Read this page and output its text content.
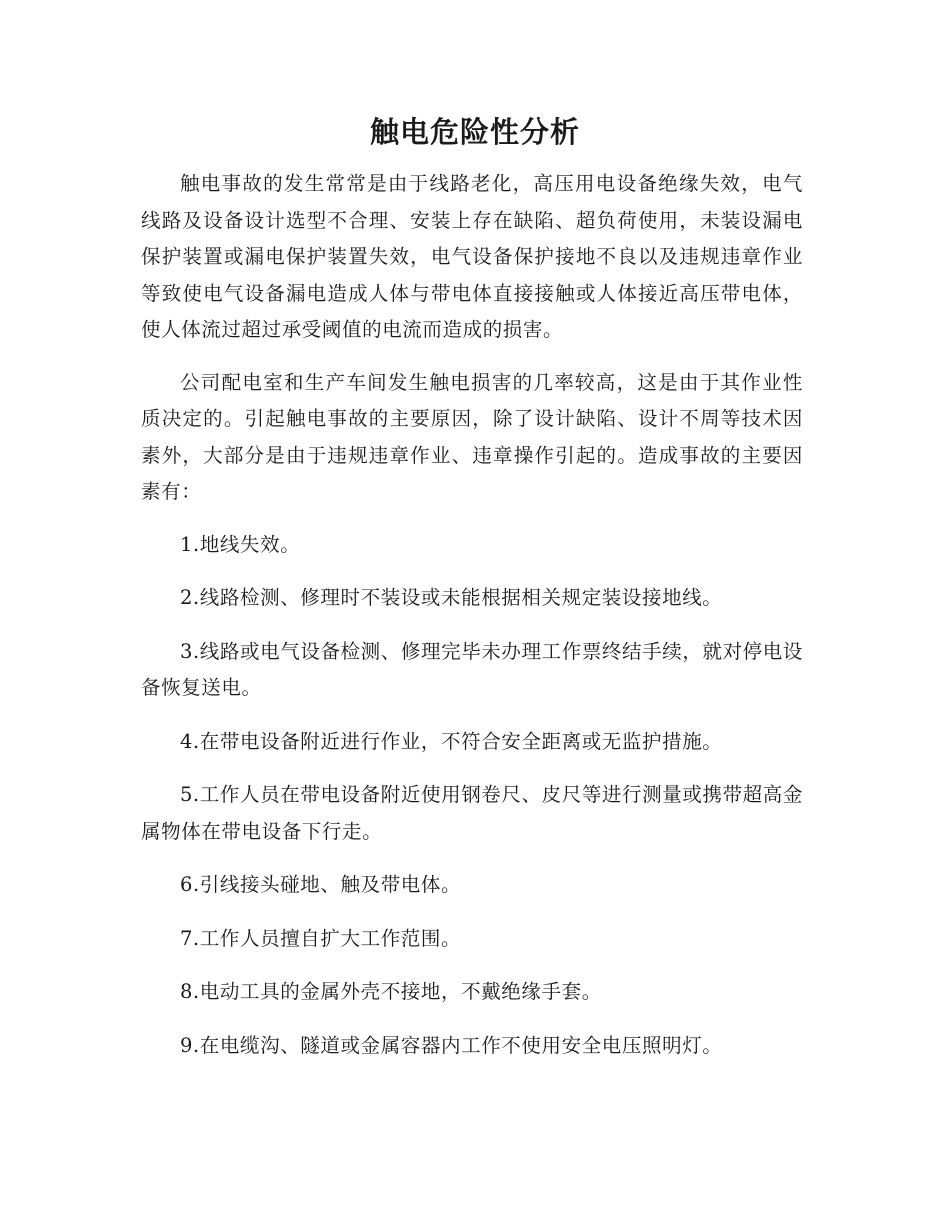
触电危险性分析

触电事故的发生常常是由于线路老化，高压用电设备绝缘失效，电气线路及设备设计选型不合理、安装上存在缺陷、超负荷使用，未装设漏电保护装置或漏电保护装置失效，电气设备保护接地不良以及违规违章作业等致使电气设备漏电造成人体与带电体直接接触或人体接近高压带电体，使人体流过超过承受阈值的电流而造成的损害。

公司配电室和生产车间发生触电损害的几率较高，这是由于其作业性质决定的。引起触电事故的主要原因，除了设计缺陷、设计不周等技术因素外，大部分是由于违规违章作业、违章操作引起的。造成事故的主要因素有：

1.地线失效。

2.线路检测、修理时不装设或未能根据相关规定装设接地线。

3.线路或电气设备检测、修理完毕未办理工作票终结手续，就对停电设备恢复送电。

4.在带电设备附近进行作业，不符合安全距离或无监护措施。

5.工作人员在带电设备附近使用钢卷尺、皮尺等进行测量或携带超高金属物体在带电设备下行走。

6.引线接头碰地、触及带电体。

7.工作人员擅自扩大工作范围。

8.电动工具的金属外壳不接地，不戴绝缘手套。

9.在电缆沟、隧道或金属容器内工作不使用安全电压照明灯。
